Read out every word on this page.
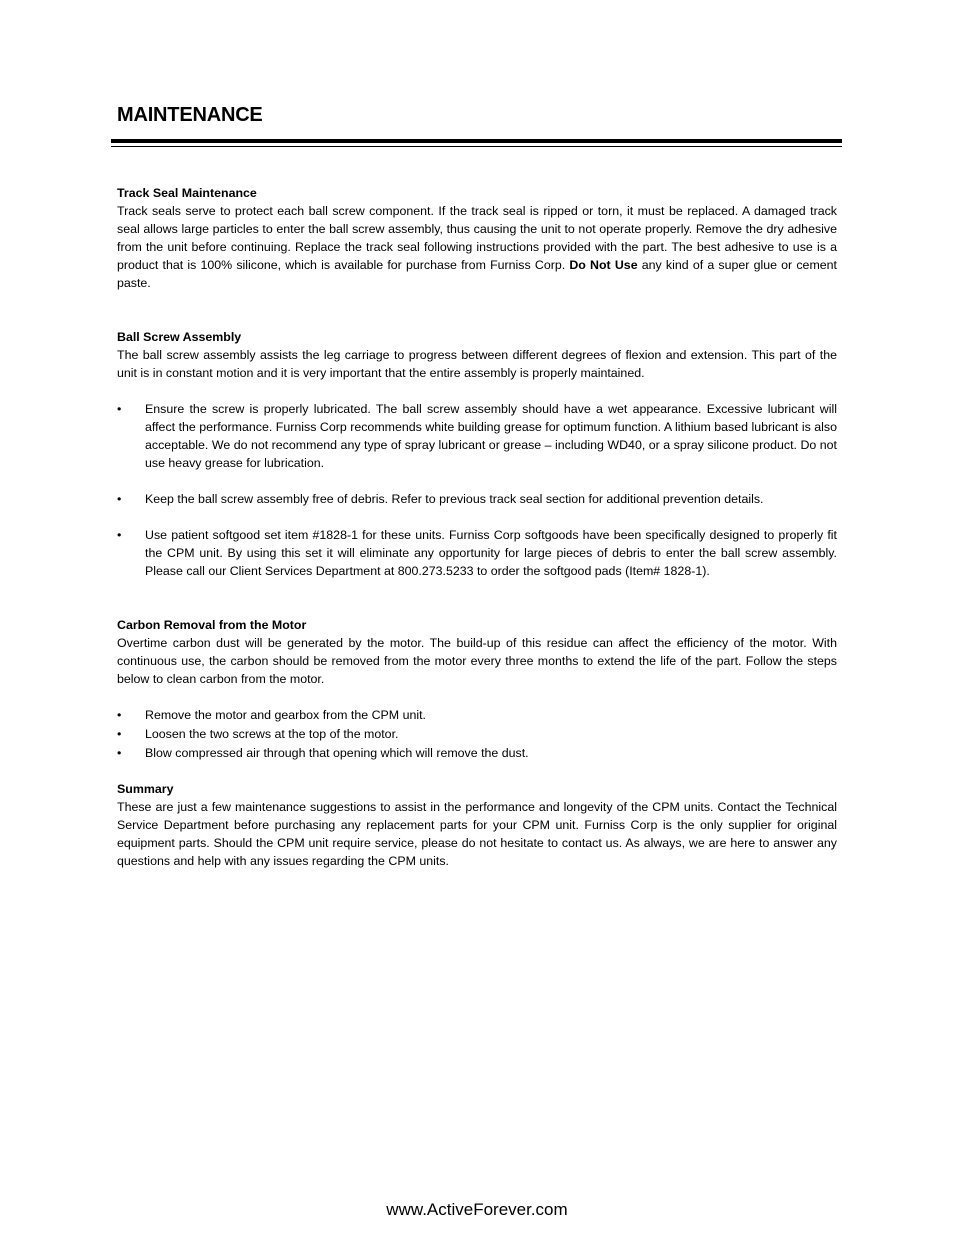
MAINTENANCE

Track Seal Maintenance

Track seals serve to protect each ball screw component. If the track seal is ripped or torn, it must be replaced. A damaged track seal allows large particles to enter the ball screw assembly, thus causing the unit to not operate properly. Remove the dry adhesive from the unit before continuing. Replace the track seal following instructions provided with the part. The best adhesive to use is a product that is 100% silicone, which is available for purchase from Furniss Corp. Do Not Use any kind of a super glue or cement paste.

Ball Screw Assembly

The ball screw assembly assists the leg carriage to progress between different degrees of flexion and extension. This part of the unit is in constant motion and it is very important that the entire assembly is properly maintained.

• Ensure the screw is properly lubricated. The ball screw assembly should have a wet appearance. Excessive lubricant will affect the performance. Furniss Corp recommends white building grease for optimum function. A lithium based lubricant is also acceptable. We do not recommend any type of spray lubricant or grease – including WD40, or a spray silicone product. Do not use heavy grease for lubrication.
• Keep the ball screw assembly free of debris. Refer to previous track seal section for additional prevention details.
• Use patient softgood set item #1828-1 for these units. Furniss Corp softgoods have been specifically designed to properly fit the CPM unit. By using this set it will eliminate any opportunity for large pieces of debris to enter the ball screw assembly. Please call our Client Services Department at 800.273.5233 to order the softgood pads (Item# 1828-1).

Carbon Removal from the Motor

Overtime carbon dust will be generated by the motor. The build-up of this residue can affect the efficiency of the motor. With continuous use, the carbon should be removed from the motor every three months to extend the life of the part. Follow the steps below to clean carbon from the motor.

• Remove the motor and gearbox from the CPM unit.
• Loosen the two screws at the top of the motor.
• Blow compressed air through that opening which will remove the dust.

Summary

These are just a few maintenance suggestions to assist in the performance and longevity of the CPM units. Contact the Technical Service Department before purchasing any replacement parts for your CPM unit. Furniss Corp is the only supplier for original equipment parts. Should the CPM unit require service, please do not hesitate to contact us. As always, we are here to answer any questions and help with any issues regarding the CPM units.

www.ActiveForever.com
